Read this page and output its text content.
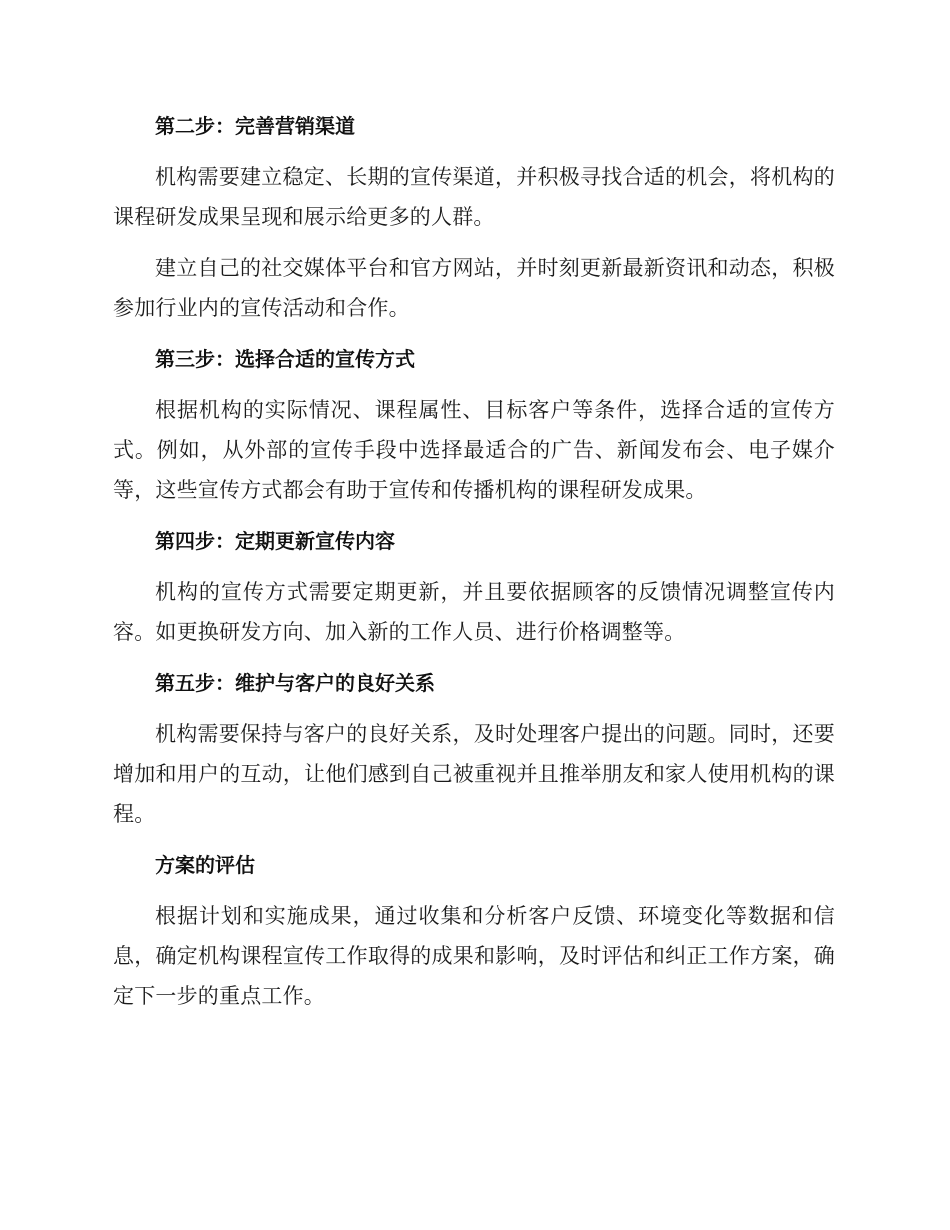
第二步：完善营销渠道

机构需要建立稳定、长期的宣传渠道，并积极寻找合适的机会，将机构的课程研发成果呈现和展示给更多的人群。

建立自己的社交媒体平台和官方网站，并时刻更新最新资讯和动态，积极参加行业内的宣传活动和合作。

第三步：选择合适的宣传方式

根据机构的实际情况、课程属性、目标客户等条件，选择合适的宣传方式。例如，从外部的宣传手段中选择最适合的广告、新闻发布会、电子媒介等，这些宣传方式都会有助于宣传和传播机构的课程研发成果。

第四步：定期更新宣传内容

机构的宣传方式需要定期更新，并且要依据顾客的反馈情况调整宣传内容。如更换研发方向、加入新的工作人员、进行价格调整等。

第五步：维护与客户的良好关系

机构需要保持与客户的良好关系，及时处理客户提出的问题。同时，还要增加和用户的互动，让他们感到自己被重视并且推举朋友和家人使用机构的课程。

方案的评估

根据计划和实施成果，通过收集和分析客户反馈、环境变化等数据和信息，确定机构课程宣传工作取得的成果和影响，及时评估和纠正工作方案，确定下一步的重点工作。
